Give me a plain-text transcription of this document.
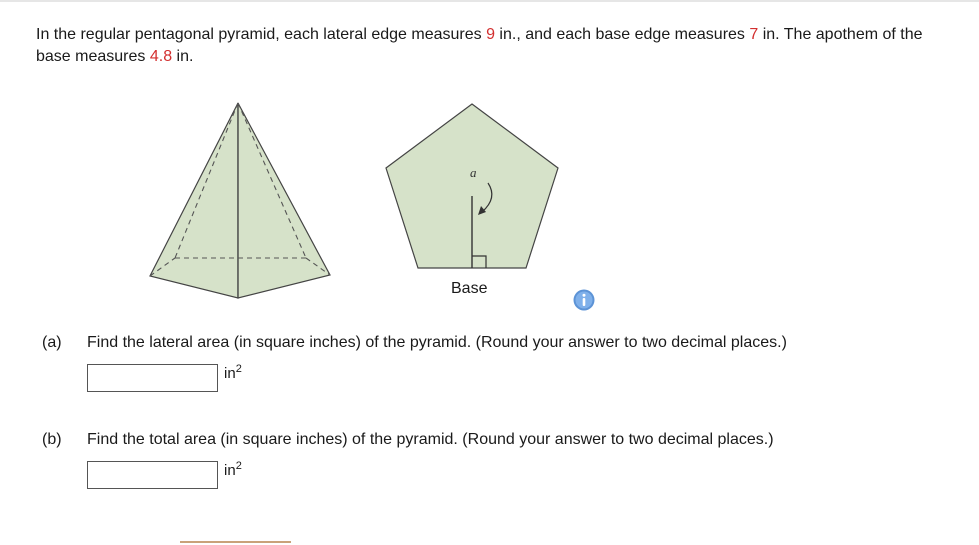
In the regular pentagonal pyramid, each lateral edge measures 9 in., and each base edge measures 7 in. The apothem of the base measures 4.8 in.
a
Base
(a) Find the lateral area (in square inches) of the pyramid. (Round your answer to two decimal places.)
$in^2$
(b) Find the total area (in square inches) of the pyramid. (Round your answer to two decimal places.)
$in^2$
